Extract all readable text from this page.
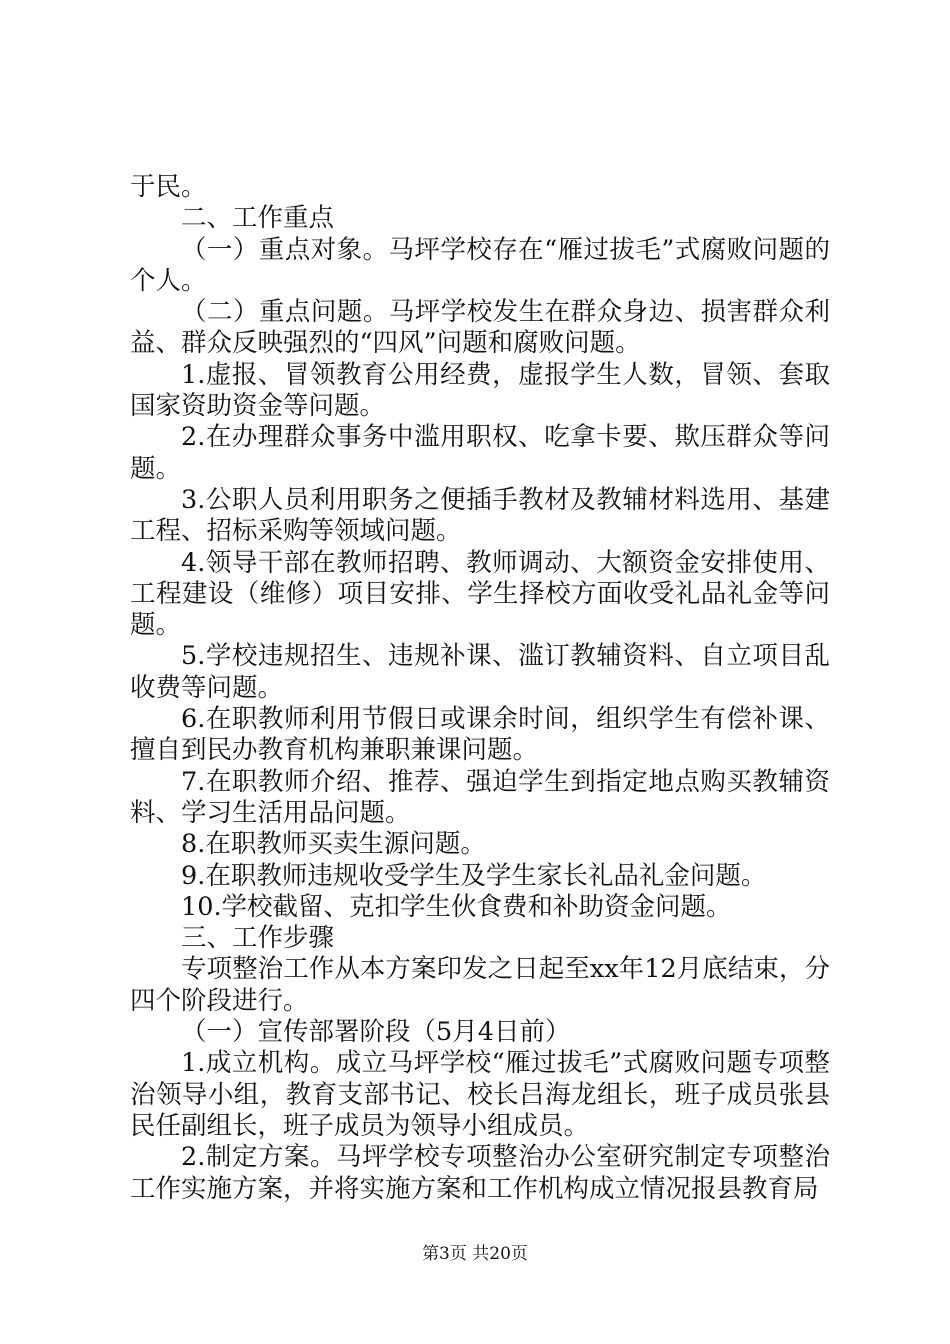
于民。

二、工作重点

（一）重点对象。马坪学校存在“雁过拔毛”式腐败问题的个人。

（二）重点问题。马坪学校发生在群众身边、损害群众利益、群众反映强烈的“四风”问题和腐败问题。

1.虚报、冒领教育公用经费，虚报学生人数，冒领、套取国家资助资金等问题。

2.在办理群众事务中滥用职权、吃拿卡要、欺压群众等问题。

3.公职人员利用职务之便插手教材及教辅材料选用、基建工程、招标采购等领域问题。

4.领导干部在教师招聘、教师调动、大额资金安排使用、工程建设（维修）项目安排、学生择校方面收受礼品礼金等问题。

5.学校违规招生、违规补课、滥订教辅资料、自立项目乱收费等问题。

6.在职教师利用节假日或课余时间，组织学生有偿补课、擅自到民办教育机构兼职兼课问题。

7.在职教师介绍、推荐、强迫学生到指定地点购买教辅资料、学习生活用品问题。

8.在职教师买卖生源问题。

9.在职教师违规收受学生及学生家长礼品礼金问题。

10.学校截留、克扣学生伙食费和补助资金问题。

三、工作步骤

专项整治工作从本方案印发之日起至xx年12月底结束，分四个阶段进行。

（一）宣传部署阶段（5月4日前）

1.成立机构。成立马坪学校“雁过拔毛”式腐败问题专项整治领导小组，教育支部书记、校长吕海龙组长，班子成员张县民任副组长，班子成员为领导小组成员。

2.制定方案。马坪学校专项整治办公室研究制定专项整治工作实施方案，并将实施方案和工作机构成立情况报县教育局

第3页 共20页
